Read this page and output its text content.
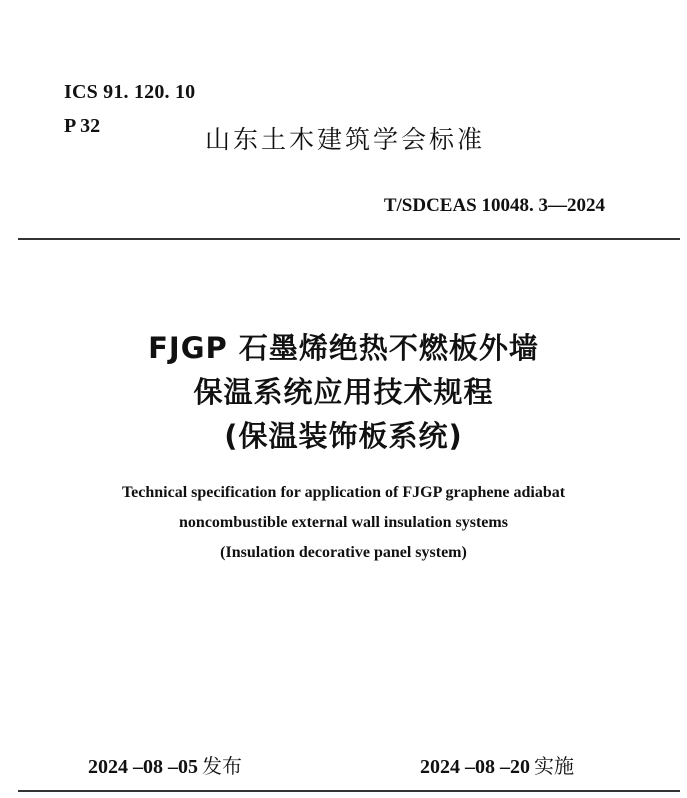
ICS 91. 120. 10
P 32	山东土木建筑学会标准
T/SDCEAS 10048. 3—2024
FJGP 石墨烯绝热不燃板外墙
保温系统应用技术规程
(保温装饰板系统)
Technical specification for application of FJGP graphene adiabat
noncombustible external wall insulation systems
(Insulation decorative panel system)
2024 –08 –05 发布	2024 –08 –20 实施
